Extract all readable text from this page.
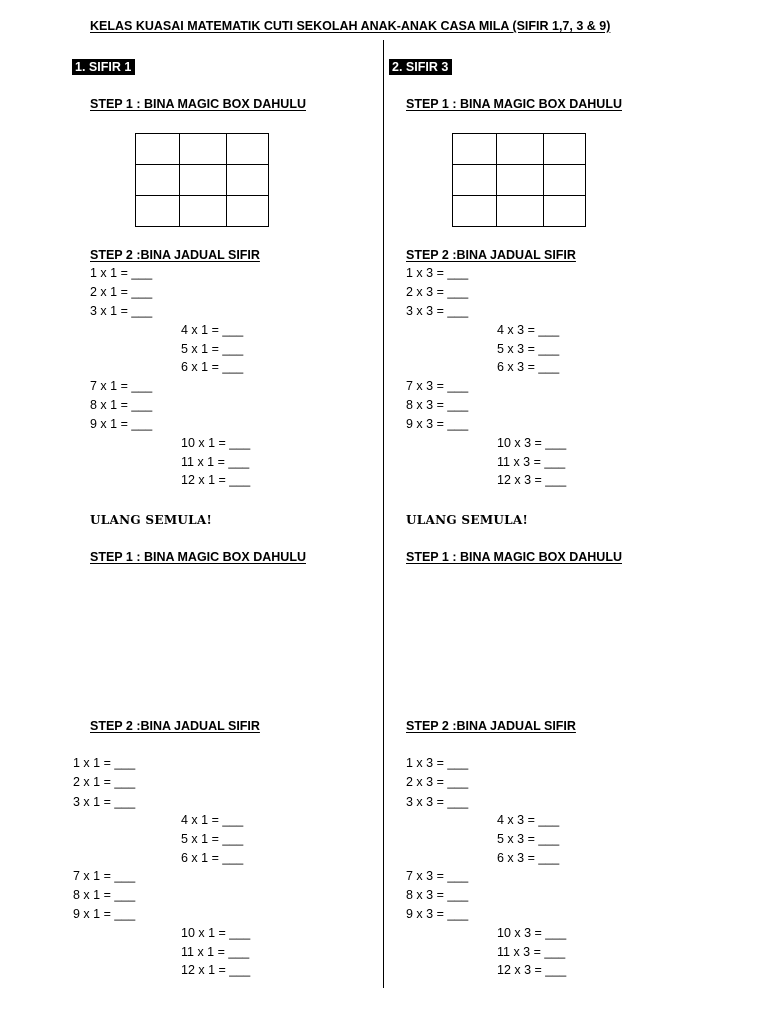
KELAS KUASAI MATEMATIK CUTI SEKOLAH ANAK-ANAK CASA MILA (SIFIR 1,7, 3 & 9)
1. SIFIR 1
STEP 1 : BINA MAGIC BOX DAHULU

STEP 2 :BINA JADUAL SIFIR
1 x 1 = ___
2 x 1 = ___
3 x 1 = ___
4 x 1 = ___
5 x 1 = ___
6 x 1 = ___
7 x 1 = ___
8 x 1 = ___
9 x 1 = ___
10 x 1 = ___
11 x 1 = ___
12 x 1 = ___
ULANG SEMULA!
STEP 1 : BINA MAGIC BOX DAHULU
STEP 2 :BINA JADUAL SIFIR
1 x 1 = ___
2 x 1 = ___
3 x 1 = ___
4 x 1 = ___
5 x 1 = ___
6 x 1 = ___
7 x 1 = ___
8 x 1 = ___
9 x 1 = ___
10 x 1 = ___
11 x 1 = ___
12 x 1 = ___
2. SIFIR 3
STEP 1 : BINA MAGIC BOX DAHULU

STEP 2 :BINA JADUAL SIFIR
1 x 3 = ___
2 x 3 = ___
3 x 3 = ___
4 x 3 = ___
5 x 3 = ___
6 x 3 = ___
7 x 3 = ___
8 x 3 = ___
9 x 3 = ___
10 x 3 = ___
11 x 3 = ___
12 x 3 = ___
ULANG SEMULA!
STEP 1 : BINA MAGIC BOX DAHULU
STEP 2 :BINA JADUAL SIFIR
1 x 3 = ___
2 x 3 = ___
3 x 3 = ___
4 x 3 = ___
5 x 3 = ___
6 x 3 = ___
7 x 3 = ___
8 x 3 = ___
9 x 3 = ___
10 x 3 = ___
11 x 3 = ___
12 x 3 = ___
